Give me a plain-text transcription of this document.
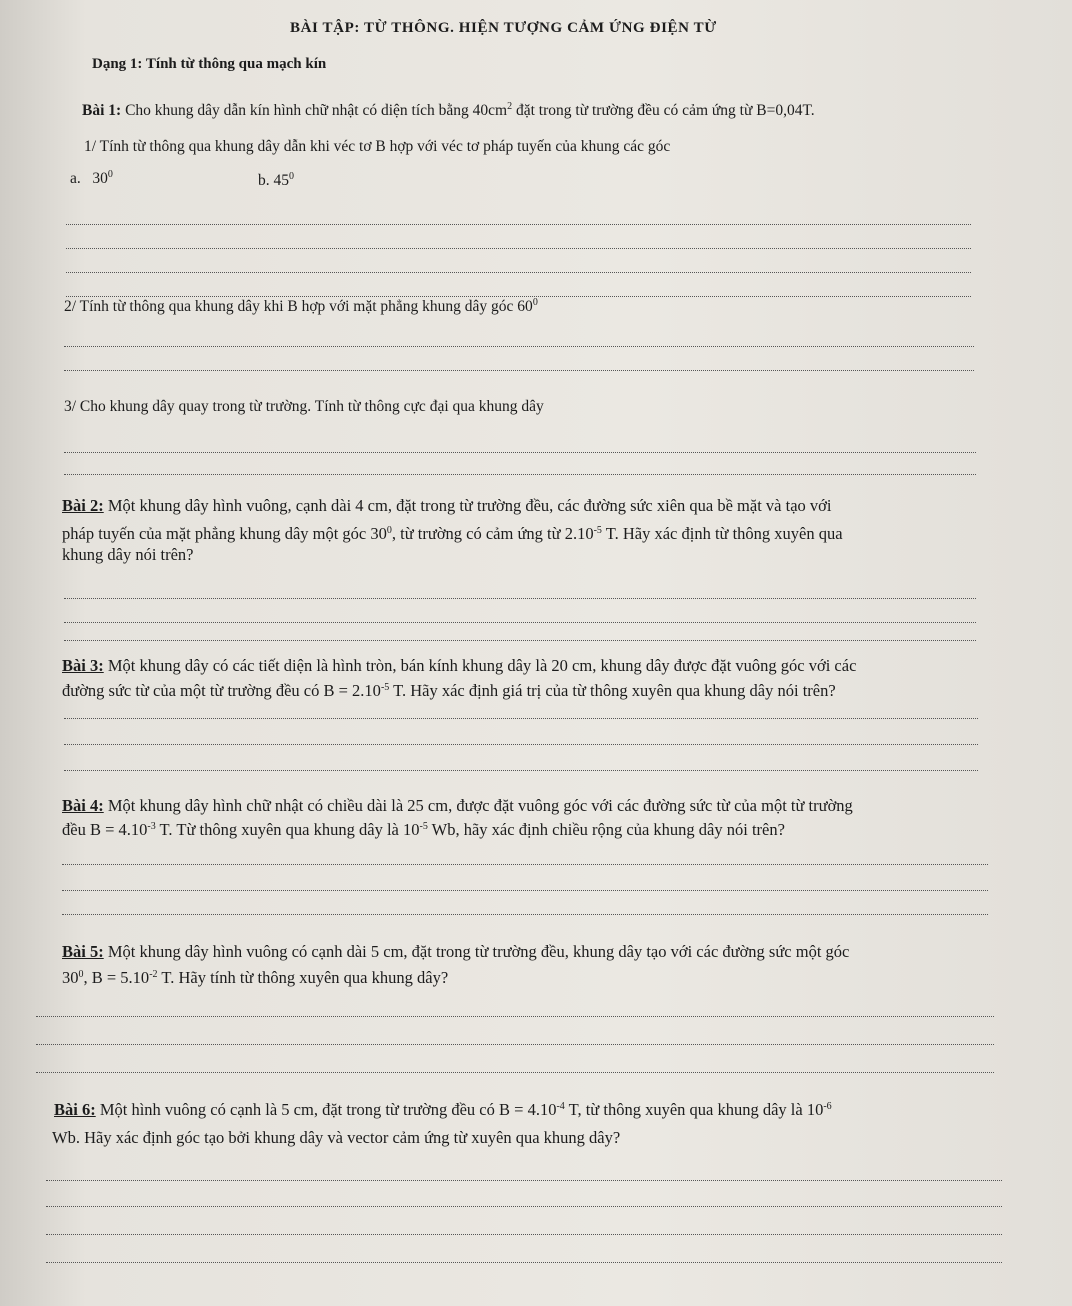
BÀI TẬP: TỪ THÔNG. HIỆN TƯỢNG CẢM ỨNG ĐIỆN TỪ
Dạng 1: Tính từ thông qua mạch kín
Bài 1: Cho khung dây dẫn kín hình chữ nhật có diện tích bằng $40cm^2$ đặt trong từ trường đều có cảm ứng từ B=0,04T.
1/ Tính từ thông qua khung dây dẫn khi véc tơ B hợp với véc tơ pháp tuyến của khung các góc
a. $30^0$	b. $45^0$
2/ Tính từ thông qua khung dây khi B hợp với mặt phẳng khung dây góc $60^0$
3/ Cho khung dây quay trong từ trường. Tính từ thông cực đại qua khung dây
Bài 2: Một khung dây hình vuông, cạnh dài 4 cm, đặt trong từ trường đều, các đường sức xiên qua bề mặt và tạo với
pháp tuyến của mặt phẳng khung dây một góc $30^0$, từ trường có cảm ứng từ $2.10^{-5}$ T. Hãy xác định từ thông xuyên qua
khung dây nói trên?
Bài 3: Một khung dây có các tiết diện là hình tròn, bán kính khung dây là 20 cm, khung dây được đặt vuông góc với các
đường sức từ của một từ trường đều có $B = 2.10^{-5}$ T. Hãy xác định giá trị của từ thông xuyên qua khung dây nói trên?
Bài 4: Một khung dây hình chữ nhật có chiều dài là 25 cm, được đặt vuông góc với các đường sức từ của một từ trường
đều $B = 4.10^{-3}$ T. Từ thông xuyên qua khung dây là $10^{-5}$ Wb, hãy xác định chiều rộng của khung dây nói trên?
Bài 5: Một khung dây hình vuông có cạnh dài 5 cm, đặt trong từ trường đều, khung dây tạo với các đường sức một góc
$30^0$, $B = 5.10^{-2}$ T. Hãy tính từ thông xuyên qua khung dây?
Bài 6: Một hình vuông có cạnh là 5 cm, đặt trong từ trường đều có $B = 4.10^{-4}$ T, từ thông xuyên qua khung dây là $10^{-6}$
Wb. Hãy xác định góc tạo bởi khung dây và vector cảm ứng từ xuyên qua khung dây?
